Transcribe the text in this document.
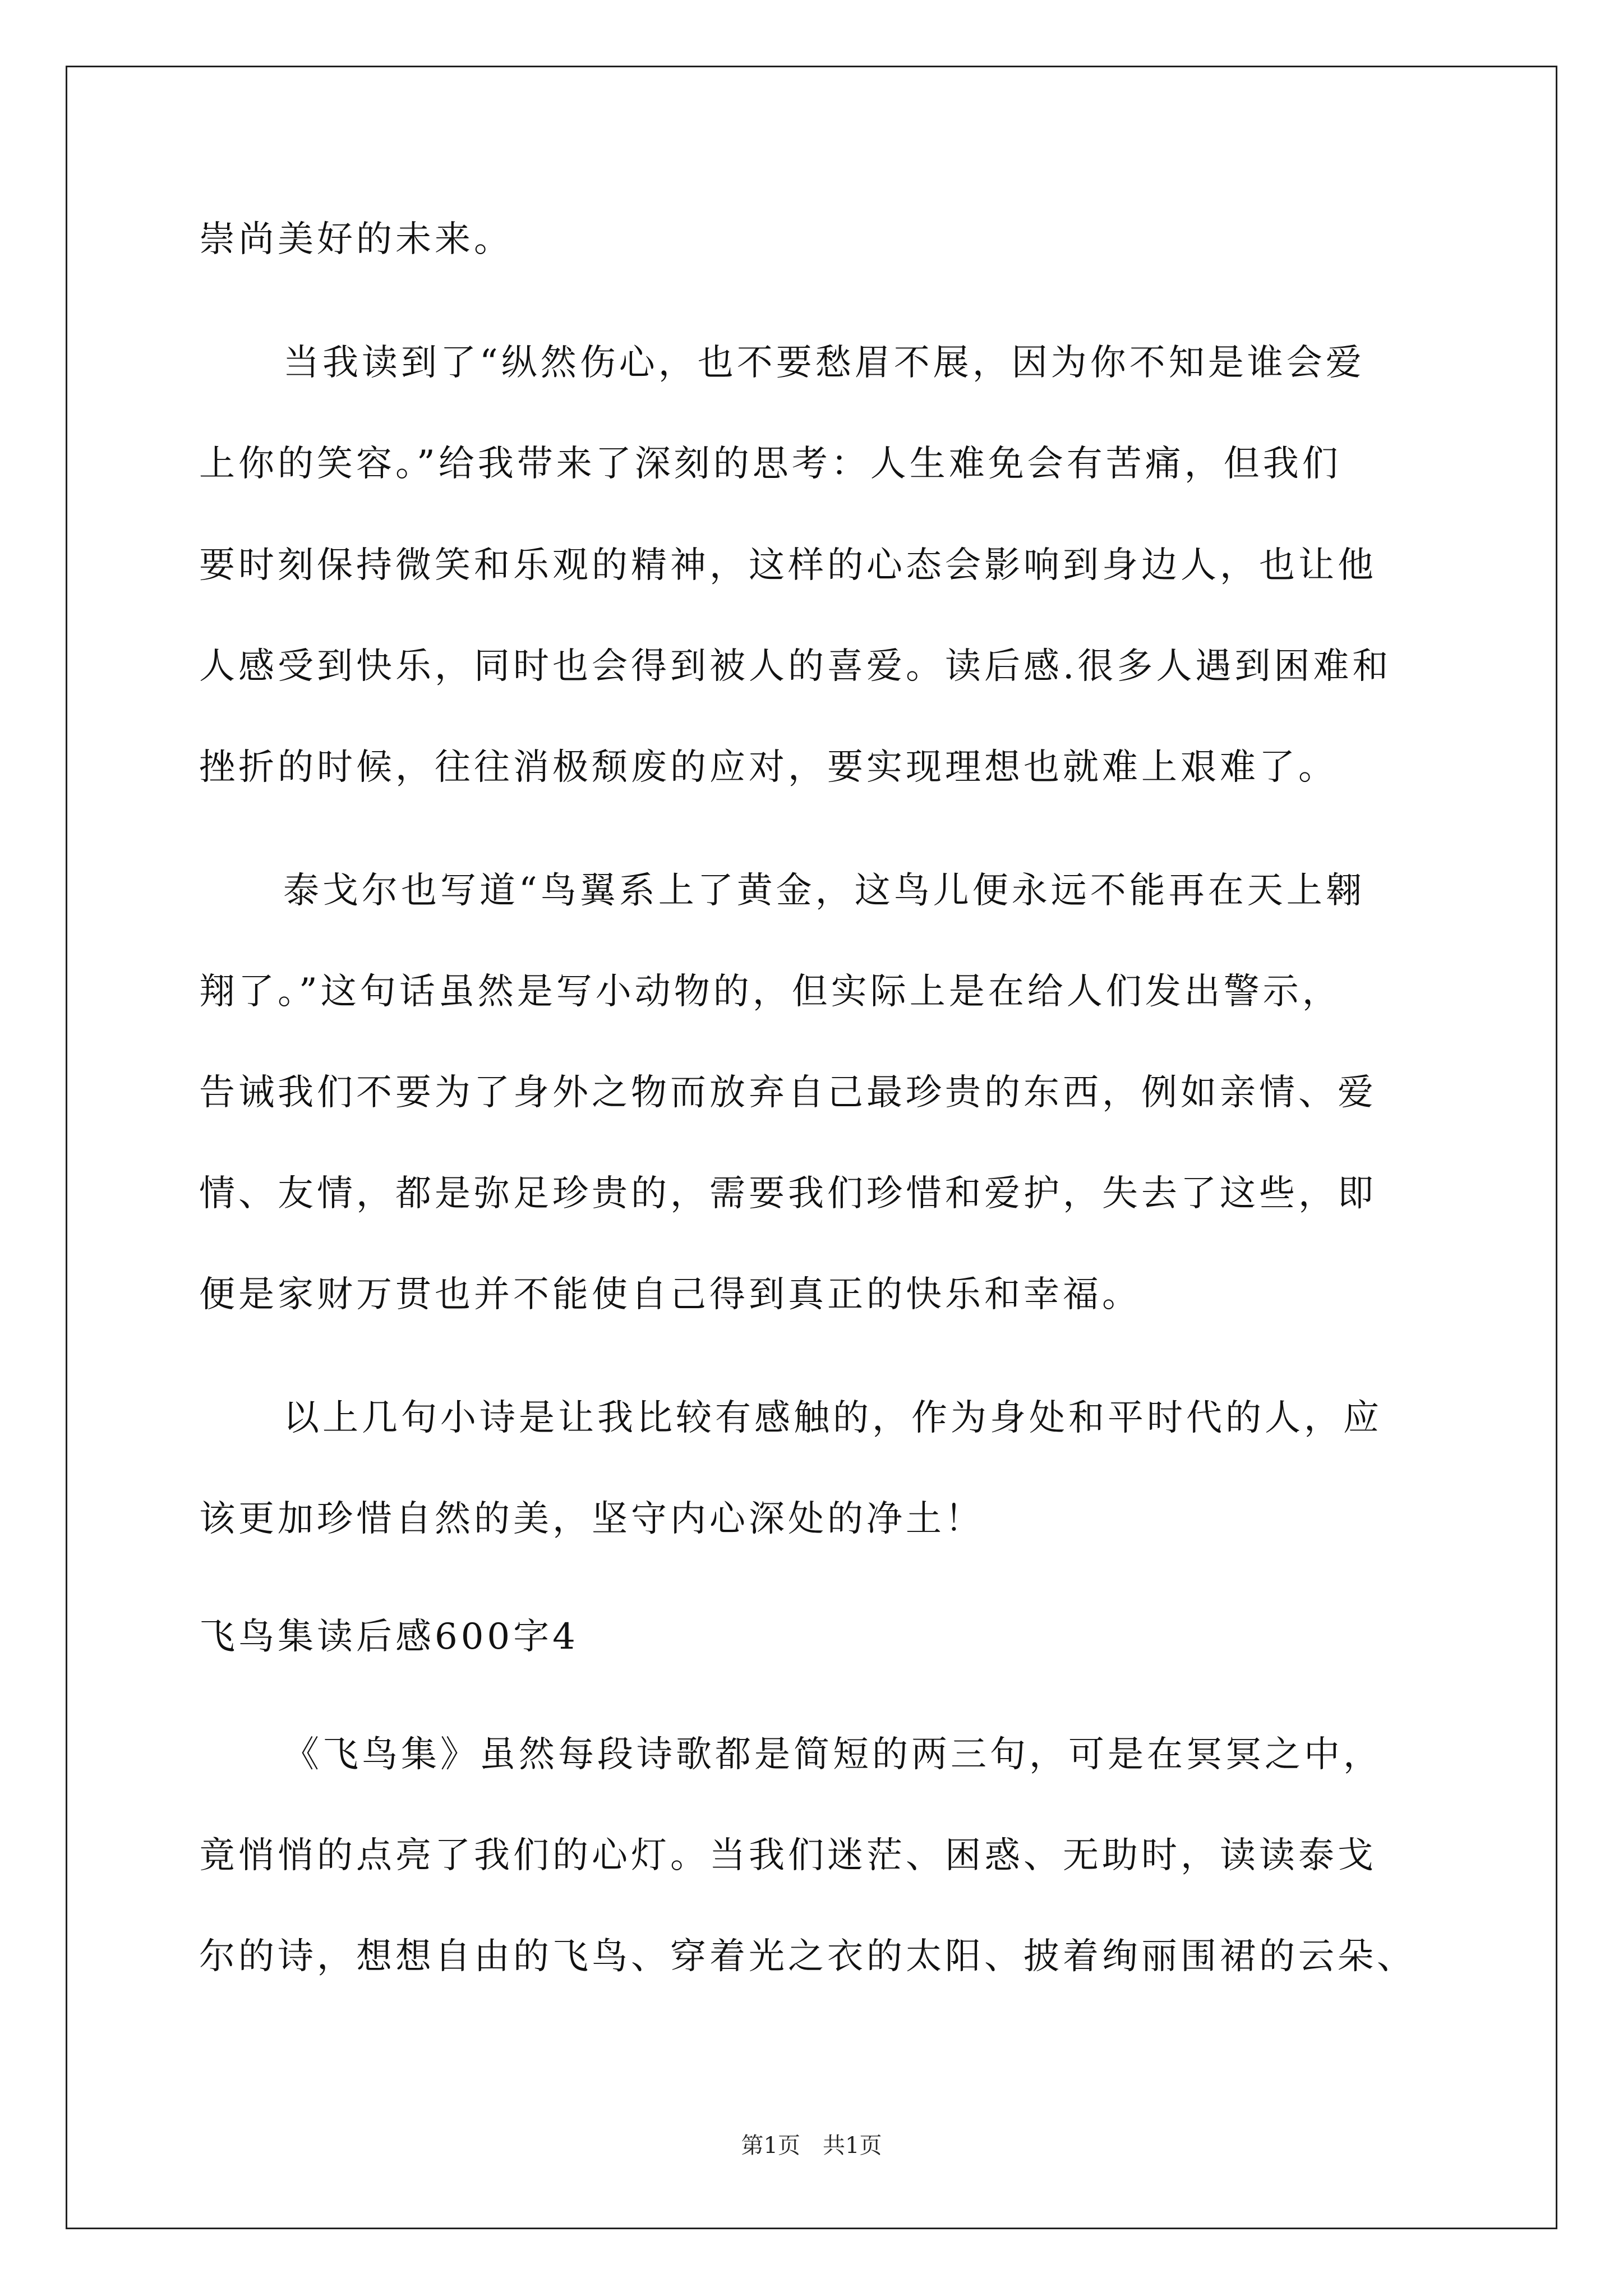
崇尚美好的未来。
当我读到了“纵然伤心，也不要愁眉不展，因为你不知是谁会爱
上你的笑容。”给我带来了深刻的思考：人生难免会有苦痛，但我们
要时刻保持微笑和乐观的精神，这样的心态会影响到身边人，也让他
人感受到快乐，同时也会得到被人的喜爱。读后感.很多人遇到困难和
挫折的时候，往往消极颓废的应对，要实现理想也就难上艰难了。
泰戈尔也写道“鸟翼系上了黄金，这鸟儿便永远不能再在天上翱
翔了。”这句话虽然是写小动物的，但实际上是在给人们发出警示，
告诫我们不要为了身外之物而放弃自己最珍贵的东西，例如亲情、爱
情、友情，都是弥足珍贵的，需要我们珍惜和爱护，失去了这些，即
便是家财万贯也并不能使自己得到真正的快乐和幸福。
以上几句小诗是让我比较有感触的，作为身处和平时代的人，应
该更加珍惜自然的美，坚守内心深处的净土！
飞鸟集读后感600字4
《飞鸟集》虽然每段诗歌都是简短的两三句，可是在冥冥之中，
竟悄悄的点亮了我们的心灯。当我们迷茫、困惑、无助时，读读泰戈
尔的诗，想想自由的飞鸟、穿着光之衣的太阳、披着绚丽围裙的云朵、
第1页　共1页
